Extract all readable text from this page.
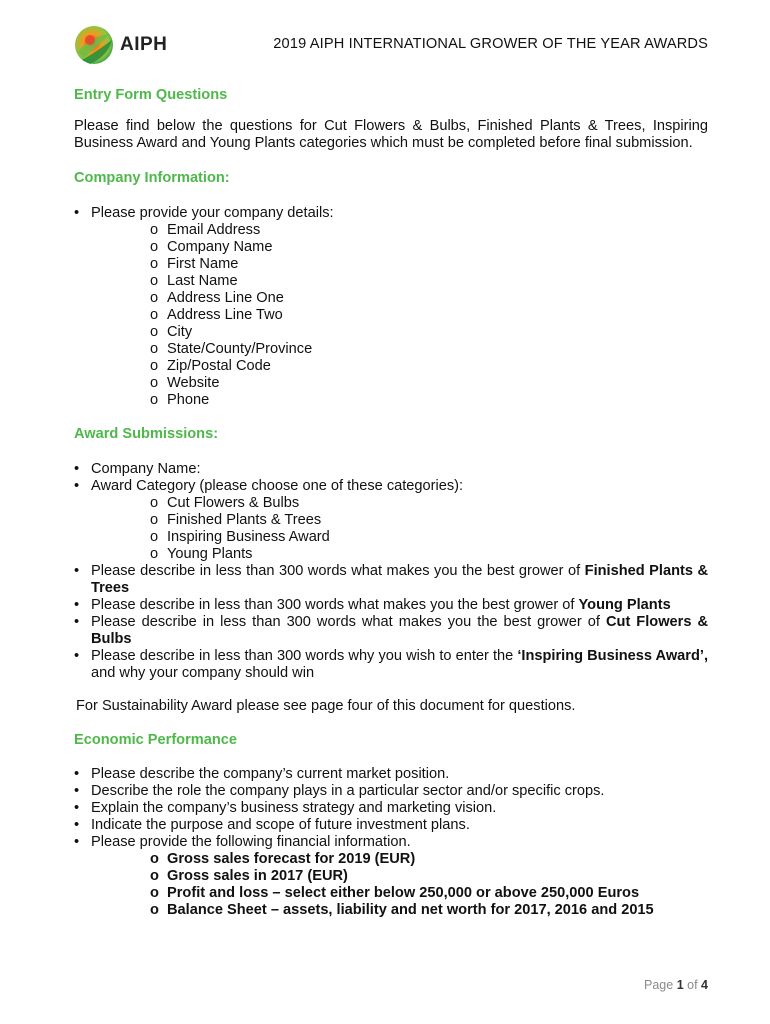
AIPH	2019 AIPH INTERNATIONAL GROWER OF THE YEAR AWARDS
Entry Form Questions

Please find below the questions for Cut Flowers & Bulbs, Finished Plants & Trees, Inspiring Business Award and Young Plants categories which must be completed before final submission.

Company Information:
• Please provide your company details:
o Email Address
o Company Name
o First Name
o Last Name
o Address Line One
o Address Line Two
o City
o State/County/Province
o Zip/Postal Code
o Website
o Phone
Award Submissions:
• Company Name:
• Award Category (please choose one of these categories):
o Cut Flowers & Bulbs
o Finished Plants & Trees
o Inspiring Business Award
o Young Plants
• Please describe in less than 300 words what makes you the best grower of Finished Plants & Trees
• Please describe in less than 300 words what makes you the best grower of Young Plants
• Please describe in less than 300 words what makes you the best grower of Cut Flowers & Bulbs
• Please describe in less than 300 words why you wish to enter the ‘Inspiring Business Award’, and why your company should win

For Sustainability Award please see page four of this document for questions.

Economic Performance
• Please describe the company’s current market position.
• Describe the role the company plays in a particular sector and/or specific crops.
• Explain the company’s business strategy and marketing vision.
• Indicate the purpose and scope of future investment plans.
• Please provide the following financial information.
o Gross sales forecast for 2019 (EUR)
o Gross sales in 2017 (EUR)
o Profit and loss – select either below 250,000 or above 250,000 Euros
o Balance Sheet – assets, liability and net worth for 2017, 2016 and 2015
Page 1 of 4
